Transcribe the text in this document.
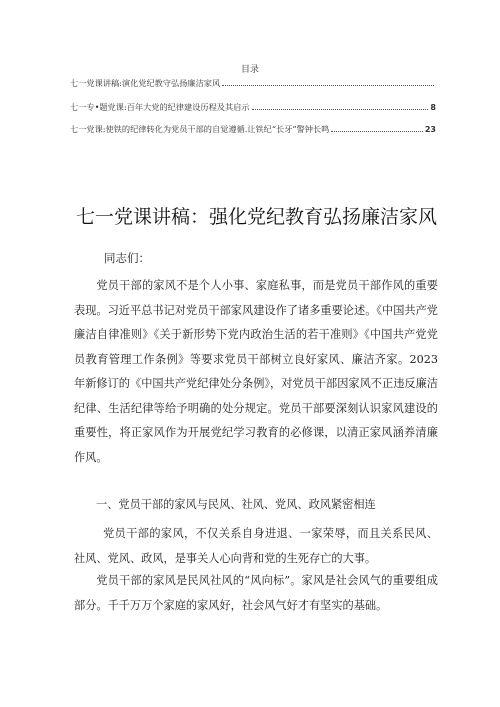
目录
七一党课讲稿:演化党纪教守弘扬廉洁家风
七一专•题党课:百年大党的纪律建设历程及其启示	8
七一党课:使铁的纪律转化为党员干部的自觉遵循.让铁纪“长牙”警钟长鸣	23
七一党课讲稿：强化党纪教育弘扬廉洁家风
同志们：
党员干部的家风不是个人小事、家庭私事，而是党员干部作风的重要表现。习近平总书记对党员干部家风建设作了诸多重要论述。《中国共产党廉洁自律准则》《关于新形势下党内政治生活的若干准则》《中国共产党党员教育管理工作条例》等要求党员干部树立良好家风、廉洁齐家。2023年新修订的《中国共产党纪律处分条例》，对党员干部因家风不正违反廉洁纪律、生活纪律等给予明确的处分规定。党员干部要深刻认识家风建设的重要性，将正家风作为开展党纪学习教育的必修课，以清正家风涵养清廉作风。
一、党员干部的家风与民风、社风、党风、政风紧密相连
党员干部的家风，不仅关系自身进退、一家荣辱，而且关系民风、社风、党风、政风，是事关人心向背和党的生死存亡的大事。
党员干部的家风是民风社风的“风向标”。家风是社会风气的重要组成部分。千千万万个家庭的家风好，社会风气好才有坚实的基础。
